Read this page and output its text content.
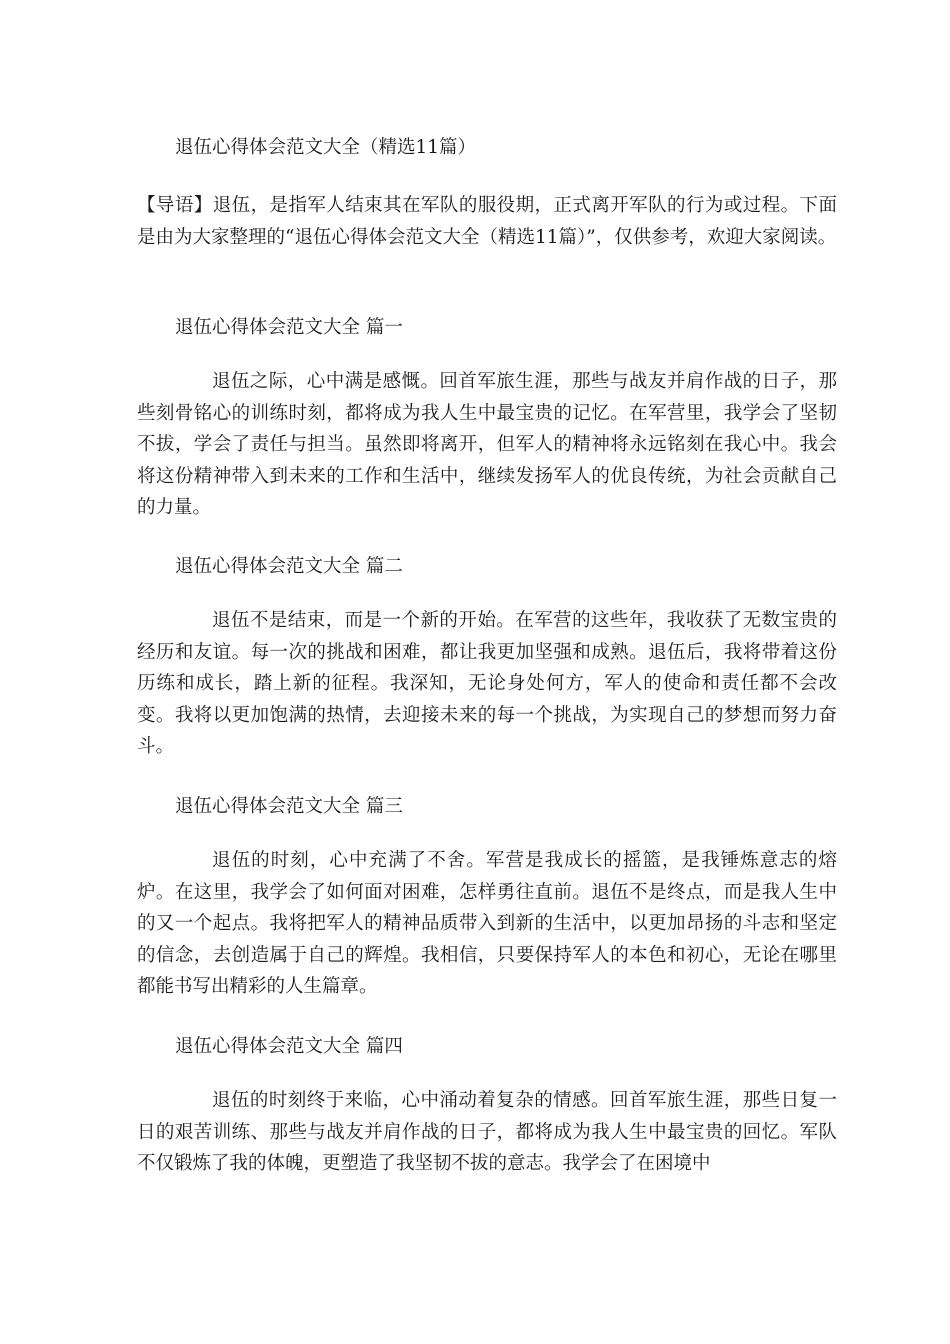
退伍心得体会范文大全（精选11篇）

【导语】退伍，是指军人结束其在军队的服役期，正式离开军队的行为或过程。下面是由为大家整理的“退伍心得体会范文大全（精选11篇）”，仅供参考，欢迎大家阅读。

退伍心得体会范文大全 篇一

退伍之际，心中满是感慨。回首军旅生涯，那些与战友并肩作战的日子，那些刻骨铭心的训练时刻，都将成为我人生中最宝贵的记忆。在军营里，我学会了坚韧不拔，学会了责任与担当。虽然即将离开，但军人的精神将永远铭刻在我心中。我会将这份精神带入到未来的工作和生活中，继续发扬军人的优良传统，为社会贡献自己的力量。

退伍心得体会范文大全 篇二

退伍不是结束，而是一个新的开始。在军营的这些年，我收获了无数宝贵的经历和友谊。每一次的挑战和困难，都让我更加坚强和成熟。退伍后，我将带着这份历练和成长，踏上新的征程。我深知，无论身处何方，军人的使命和责任都不会改变。我将以更加饱满的热情，去迎接未来的每一个挑战，为实现自己的梦想而努力奋斗。

退伍心得体会范文大全 篇三

退伍的时刻，心中充满了不舍。军营是我成长的摇篮，是我锤炼意志的熔炉。在这里，我学会了如何面对困难，怎样勇往直前。退伍不是终点，而是我人生中的又一个起点。我将把军人的精神品质带入到新的生活中，以更加昂扬的斗志和坚定的信念，去创造属于自己的辉煌。我相信，只要保持军人的本色和初心，无论在哪里都能书写出精彩的人生篇章。

退伍心得体会范文大全 篇四

退伍的时刻终于来临，心中涌动着复杂的情感。回首军旅生涯，那些日复一日的艰苦训练、那些与战友并肩作战的日子，都将成为我人生中最宝贵的回忆。军队不仅锻炼了我的体魄，更塑造了我坚韧不拔的意志。我学会了在困境中
